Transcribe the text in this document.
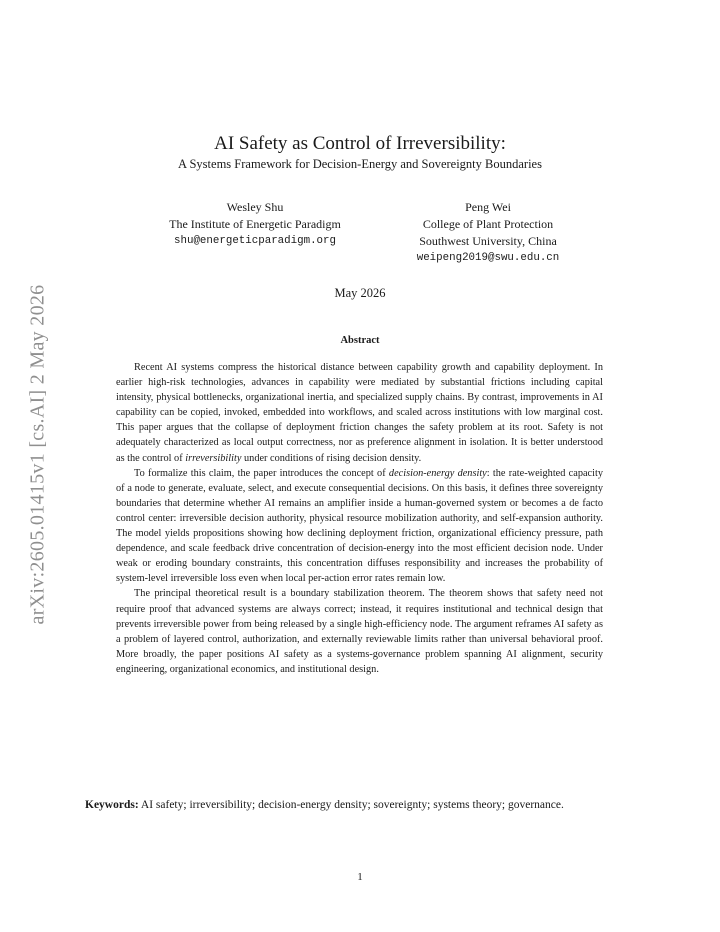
arXiv:2605.01415v1 [cs.AI] 2 May 2026
AI Safety as Control of Irreversibility:
A Systems Framework for Decision-Energy and Sovereignty Boundaries
Wesley Shu
The Institute of Energetic Paradigm
shu@energeticparadigm.org
Peng Wei
College of Plant Protection
Southwest University, China
weipeng2019@swu.edu.cn
May 2026
Abstract

Recent AI systems compress the historical distance between capability growth and capability deployment. In earlier high-risk technologies, advances in capability were mediated by substantial frictions including capital intensity, physical bottlenecks, organizational inertia, and specialized supply chains. By contrast, improvements in AI capability can be copied, invoked, embedded into workflows, and scaled across institutions with low marginal cost. This paper argues that the collapse of deployment friction changes the safety problem at its root. Safety is not adequately characterized as local output correctness, nor as preference alignment in isolation. It is better understood as the control of irreversibility under conditions of rising decision density.

To formalize this claim, the paper introduces the concept of decision-energy density: the rate-weighted capacity of a node to generate, evaluate, select, and execute consequential decisions. On this basis, it defines three sovereignty boundaries that determine whether AI remains an amplifier inside a human-governed system or becomes a de facto control center: irreversible decision authority, physical resource mobilization authority, and self-expansion authority. The model yields propositions showing how declining deployment friction, organizational efficiency pressure, path dependence, and scale feedback drive concentration of decision-energy into the most efficient decision node. Under weak or eroding boundary constraints, this concentration diffuses responsibility and increases the probability of system-level irreversible loss even when local per-action error rates remain low.

The principal theoretical result is a boundary stabilization theorem. The theorem shows that safety need not require proof that advanced systems are always correct; instead, it requires institutional and technical design that prevents irreversible power from being released by a single high-efficiency node. The argument reframes AI safety as a problem of layered control, authorization, and externally reviewable limits rather than universal behavioral proof. More broadly, the paper positions AI safety as a systems-governance problem spanning AI alignment, security engineering, organizational economics, and institutional design.

Keywords: AI safety; irreversibility; decision-energy density; sovereignty; systems theory; governance.
1
